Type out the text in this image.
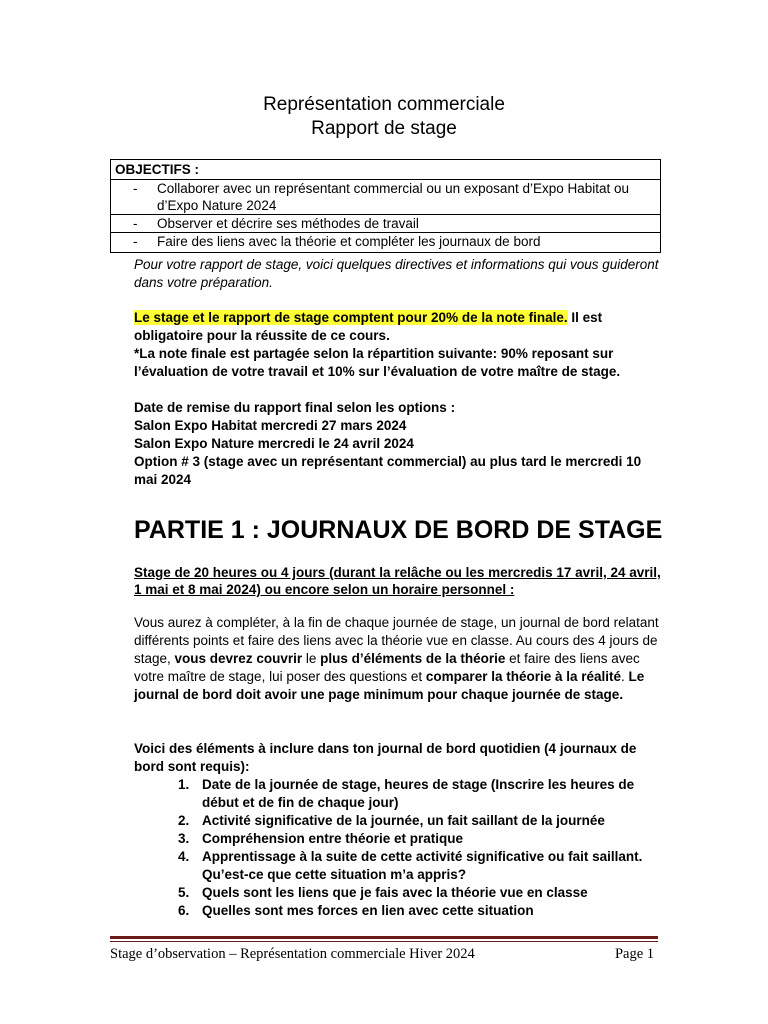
Représentation commerciale
Rapport de stage
OBJECTIFS :
-	Collaborer avec un représentant commercial ou un exposant d’Expo Habitat ou d’Expo Nature 2024
-	Observer et décrire ses méthodes de travail
-	Faire des liens avec la théorie et compléter les journaux de bord
Pour votre rapport de stage, voici quelques directives et informations qui vous guideront dans votre préparation.
Le stage et le rapport de stage comptent pour 20% de la note finale. Il est obligatoire pour la réussite de ce cours.
*La note finale est partagée selon la répartition suivante: 90% reposant sur l’évaluation de votre travail et 10% sur l’évaluation de votre maître de stage.
Date de remise du rapport final selon les options :
Salon Expo Habitat mercredi 27 mars 2024
Salon Expo Nature mercredi le 24 avril 2024
Option # 3 (stage avec un représentant commercial) au plus tard le mercredi 10 mai 2024
PARTIE 1 : JOURNAUX DE BORD DE STAGE
Stage de 20 heures ou 4 jours (durant la relâche ou les mercredis 17 avril, 24 avril, 1 mai et 8 mai 2024) ou encore selon un horaire personnel :
Vous aurez à compléter, à la fin de chaque journée de stage, un journal de bord relatant différents points et faire des liens avec la théorie vue en classe. Au cours des 4 jours de stage, vous devrez couvrir le plus d’éléments de la théorie et faire des liens avec votre maître de stage, lui poser des questions et comparer la théorie à la réalité. Le journal de bord doit avoir une page minimum pour chaque journée de stage.
Voici des éléments à inclure dans ton journal de bord quotidien (4 journaux de bord sont requis):
1. Date de la journée de stage, heures de stage (Inscrire les heures de début et de fin de chaque jour)
2. Activité significative de la journée, un fait saillant de la journée
3. Compréhension entre théorie et pratique
4. Apprentissage à la suite de cette activité significative ou fait saillant. Qu’est-ce que cette situation m’a appris?
5. Quels sont les liens que je fais avec la théorie vue en classe
6. Quelles sont mes forces en lien avec cette situation
Stage d’observation – Représentation commerciale Hiver 2024	Page 1
